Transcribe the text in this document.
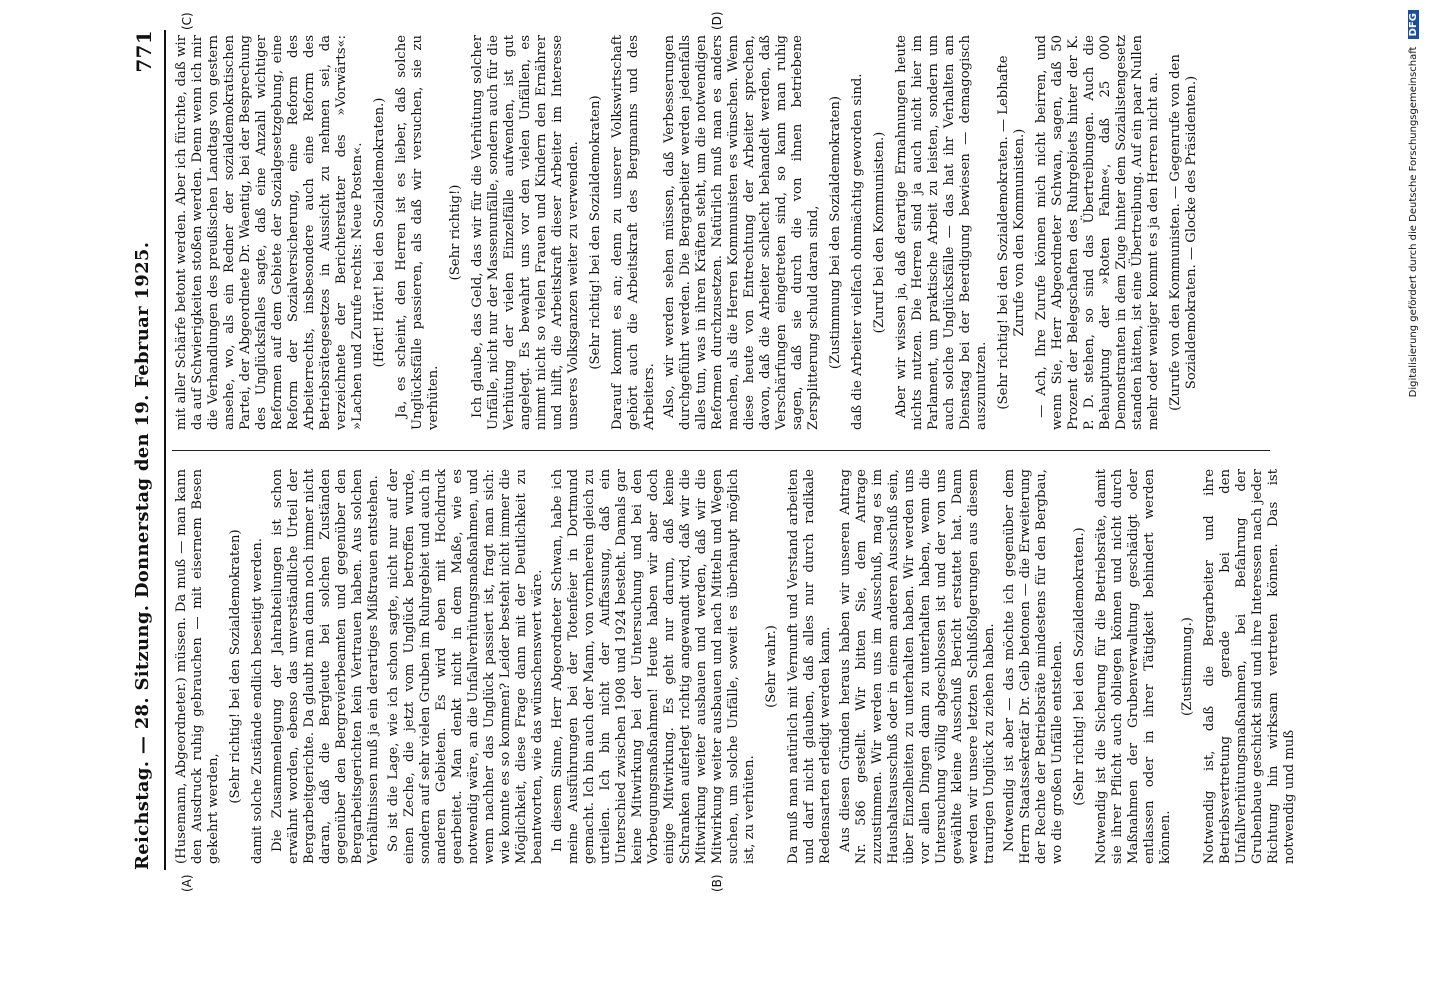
Reichstag. — 28. Sitzung. Donnerstag den 19. Februar 1925.
771
(A)	(B)
(C)	(D)

(Husemann, Abgeordneter.) müssen. Da muß — man kann den Ausdruck ruhig gebrauchen — mit eisernem Besen gekehrt werden,

(Sehr richtig! bei den Sozialdemokraten) damit solche Zustände endlich beseitigt werden. Die Zusammenlegung der Jahrabteilungen ist schon erwähnt worden, ebenso das unverständliche Urteil der Bergarbeitgerichte. Da glaubt man dann noch immer nicht daran, daß die Bergleute bei solchen Zuständen gegenüber den Bergrevierbeamten und gegenüber den Bergarbeitsgerichten kein Vertrauen haben. Aus solchen Verhältnissen muß ja ein derartiges Mißtrauen entstehen. So ist die Lage, wie ich schon sagte, nicht nur auf der einen Zeche, die jetzt vom Unglück betroffen wurde, sondern auf sehr vielen Gruben im Ruhrgebiet und auch in anderen Gebieten. Es wird eben mit Hochdruck gearbeitet. Man denkt nicht in dem Maße, wie es notwendig wäre, an die Unfallverhütungsmaßnahmen, und wenn nachher das Unglück passiert ist, fragt man sich: wie konnte es so kommen? Leider besteht nicht immer die Möglichkeit, diese Frage dann mit der Deutlichkeit zu beantworten, wie das wünschenswert wäre. In diesem Sinne, Herr Abgeordneter Schwan, habe ich meine Ausführungen bei der Totenfeier in Dortmund gemacht. Ich bin auch der Mann, von vornherein gleich zu urteilen. Ich bin nicht der Auffassung, daß ein Unterschied zwischen 1908 und 1924 besteht. Damals gar keine Mitwirkung bei der Untersuchung und bei den Vorbeugungsmaßnahmen! Heute haben wir aber doch einige Mitwirkung. Es geht nur darum, daß keine Schranken auferlegt richtig angewandt wird, daß wir die Mitwirkung weiter ausbauen und werden, daß wir die Mitwirkung weiter ausbauen und nach Mitteln und Wegen suchen, um solche Unfälle, soweit es überhaupt möglich ist, zu verhüten.

(Sehr wahr.) Da muß man natürlich mit Vernunft und Verstand arbeiten und darf nicht glauben, daß alles nur durch radikale Redensarten erledigt werden kann. Aus diesen Gründen heraus haben wir unseren Antrag Nr. 586 gestellt. Wir bitten Sie, dem Antrage zuzustimmen. Wir werden uns im Ausschuß, mag es im Haushaltsausschuß oder in einem anderen Ausschuß sein, über Einzelheiten zu unterhalten haben. Wir werden uns vor allen Dingen dann zu unterhalten haben, wenn die Untersuchung völlig abgeschlossen ist und der von uns gewählte kleine Ausschuß Bericht erstattet hat. Dann werden wir unsere letzten Schlußfolgerungen aus diesem traurigen Unglück zu ziehen haben. Notwendig ist aber — das möchte ich gegenüber dem Herrn Staatssekretär Dr. Geib betonen — die Erweiterung der Rechte der Betriebsräte mindestens für den Bergbau, wo die großen Unfälle entstehen. (Sehr richtig! bei den Sozialdemokraten.) Notwendig ist die Sicherung für die Betriebsräte, damit sie ihrer Pflicht auch obliegen können und nicht durch Maßnahmen der Grubenverwaltung geschädigt oder entlassen oder in ihrer Tätigkeit behindert werden können.

(Zustimmung.) Notwendig ist, daß die Bergarbeiter und ihre Betriebsvertretung gerade bei den Unfallverhütungsmaßnahmen, bei Befahrung der Grubenbaue geschickt sind und ihre Interessen nach jeder Richtung hin wirksam vertreten können. Das ist notwendig und muß

mit aller Schärfe betont werden. Aber ich fürchte, daß wir da auf Schwierigkeiten stoßen werden. Denn wenn ich mir die Verhandlungen des preußischen Landtags von gestern ansehe, wo, als ein Redner der sozialdemokratischen Partei, der Abgeordnete Dr. Waentig, bei der Besprechung des Unglücksfalles sagte, daß eine Anzahl wichtiger Reformen auf dem Gebiete der Sozialgesetzgebung, eine Reform der Sozialversicherung, eine Reform des Arbeiterrechts, insbesondere auch eine Reform des Betriebsrätegesetzes in Aussicht zu nehmen sei, da verzeichnete der Berichterstatter des »Vorwärts«: »Lachen und Zurufe rechts: Neue Posten«. (Hört! Hört! bei den Sozialdemokraten.) Ja, es scheint, den Herren ist es lieber, daß solche Unglücksfälle passieren, als daß wir versuchen, sie zu verhüten.

(Sehr richtig!) Ich glaube, das Geld, das wir für die Verhütung solcher Unfälle, nicht nur der Massenunfälle, sondern auch für die Verhütung der vielen Einzelfälle aufwenden, ist gut angelegt. Es bewahrt uns vor den vielen Unfällen, es nimmt nicht so vielen Frauen und Kindern den Ernährer und hilft, die Arbeitskraft dieser Arbeiter im Interesse unseres Volksganzen weiter zu verwenden. (Sehr richtig! bei den Sozialdemokraten) Darauf kommt es an; denn zu unserer Volkswirtschaft gehört auch die Arbeitskraft des Bergmanns und des Arbeiters. Also, wir werden sehen müssen, daß Verbesserungen durchgeführt werden. Die Bergarbeiter werden jedenfalls alles tun, was in ihren Kräften steht, um die notwendigen Reformen durchzusetzen. Natürlich muß man es anders machen, als die Herren Kommunisten es wünschen. Wenn diese heute von Entrechtung der Arbeiter sprechen, davon, daß die Arbeiter schlecht behandelt werden, daß Verschärfungen eingetreten sind, so kann man ruhig sagen, daß sie durch die von ihnen betriebene Zersplitterung schuld daran sind, (Zustimmung bei den Sozialdemokraten) daß die Arbeiter vielfach ohnmächtig geworden sind. (Zuruf bei den Kommunisten.) Aber wir wissen ja, daß derartige Ermahnungen heute nichts nutzen. Die Herren sind ja auch nicht hier im Parlament, um praktische Arbeit zu leisten, sondern um auch solche Unglücksfälle — das hat ihr Verhalten am Dienstag bei der Beerdigung bewiesen — demagogisch auszunutzen. (Sehr richtig! bei den Sozialdemokraten. — Lebhafte Zurufe von den Kommunisten.) — Ach, Ihre Zurufe können mich nicht beirren, und wenn Sie, Herr Abgeordneter Schwan, sagen, daß 50 Prozent der Belegschaften des Ruhrgebiets hinter der K. P. D. stehen, so sind das Übertreibungen. Auch die Behauptung der »Roten Fahne«, daß 25 000 Demonstranten in dem Zuge hinter dem Sozialistengesetz standen hätten, ist eine Übertreibung. Auf ein paar Nullen mehr oder weniger kommt es ja den Herren nicht an. (Zurufe von den Kommunisten. — Gegenrufe von den Sozialdemokraten. — Glocke des Präsidenten.)	Digitalisierung gefördert durch die Deutsche Forschungsgemeinschaft DFG
